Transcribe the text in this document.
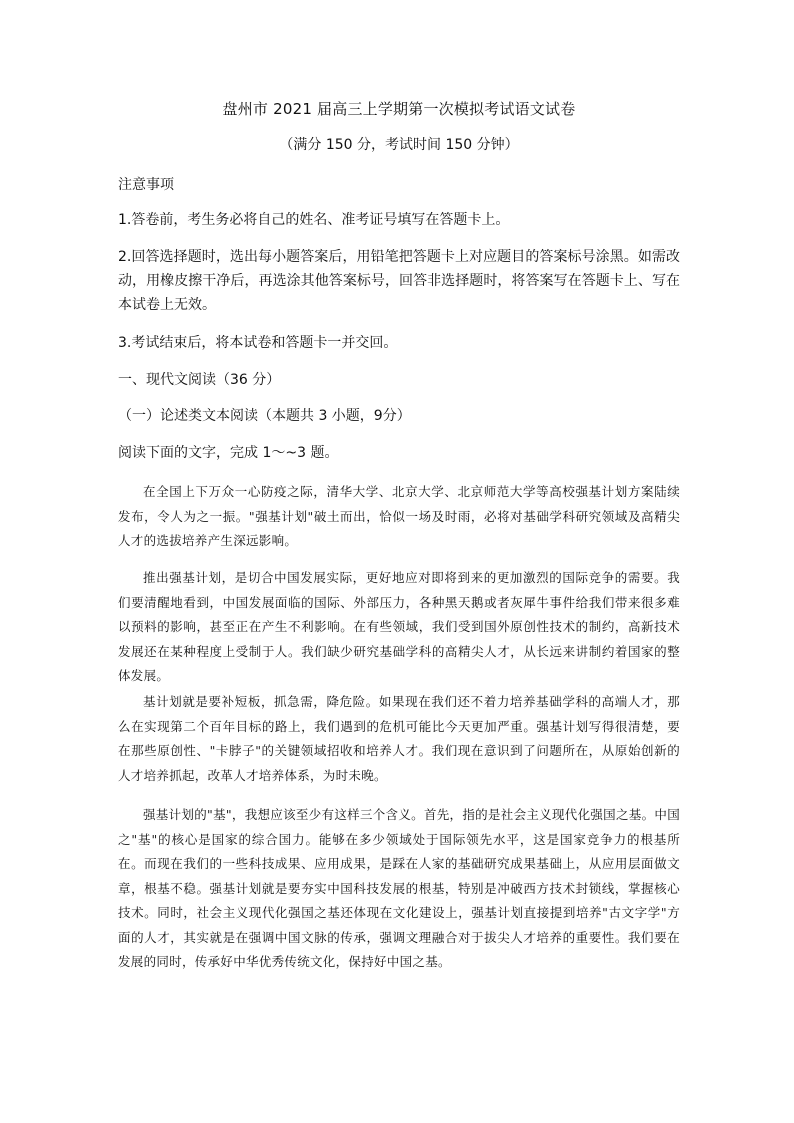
盘州市 2021 届高三上学期第一次模拟考试语文试卷
（满分 150 分，考试时间 150 分钟）
注意事项
1.答卷前，考生务必将自己的姓名、准考证号填写在答题卡上。
2.回答选择题时，选出每小题答案后，用铅笔把答题卡上对应题目的答案标号涂黑。如需改动，用橡皮擦干净后，再选涂其他答案标号，回答非选择题时，将答案写在答题卡上、写在本试卷上无效。
3.考试结束后，将本试卷和答题卡一并交回。
一、现代文阅读（36 分）
（一）论述类文本阅读（本题共 3 小题，9分）
阅读下面的文字，完成 1～~3 题。
在全国上下万众一心防疫之际，清华大学、北京大学、北京师范大学等高校强基计划方案陆续发布，令人为之一振。"强基计划"破土而出，恰似一场及时雨，必将对基础学科研究领域及高精尖人才的选拔培养产生深远影响。
推出强基计划，是切合中国发展实际，更好地应对即将到来的更加激烈的国际竞争的需要。我们要清醒地看到，中国发展面临的国际、外部压力，各种黑天鹅或者灰犀牛事件给我们带来很多难以预料的影响，甚至正在产生不利影响。在有些领域，我们受到国外原创性技术的制约，高新技术发展还在某种程度上受制于人。我们缺少研究基础学科的高精尖人才，从长远来讲制约着国家的整体发展。
基计划就是要补短板，抓急需，降危险。如果现在我们还不着力培养基础学科的高端人才，那么在实现第二个百年目标的路上，我们遇到的危机可能比今天更加严重。强基计划写得很清楚，要在那些原创性、"卡脖子"的关键领域招收和培养人才。我们现在意识到了问题所在，从原始创新的人才培养抓起，改革人才培养体系，为时未晚。
强基计划的"基"，我想应该至少有这样三个含义。首先，指的是社会主义现代化强国之基。中国之"基"的核心是国家的综合国力。能够在多少领域处于国际领先水平，这是国家竞争力的根基所在。而现在我们的一些科技成果、应用成果，是踩在人家的基础研究成果基础上，从应用层面做文章，根基不稳。强基计划就是要夯实中国科技发展的根基，特别是冲破西方技术封锁线，掌握核心技术。同时，社会主义现代化强国之基还体现在文化建设上，强基计划直接提到培养"古文字学"方面的人才，其实就是在强调中国文脉的传承，强调文理融合对于拔尖人才培养的重要性。我们要在发展的同时，传承好中华优秀传统文化，保持好中国之基。
